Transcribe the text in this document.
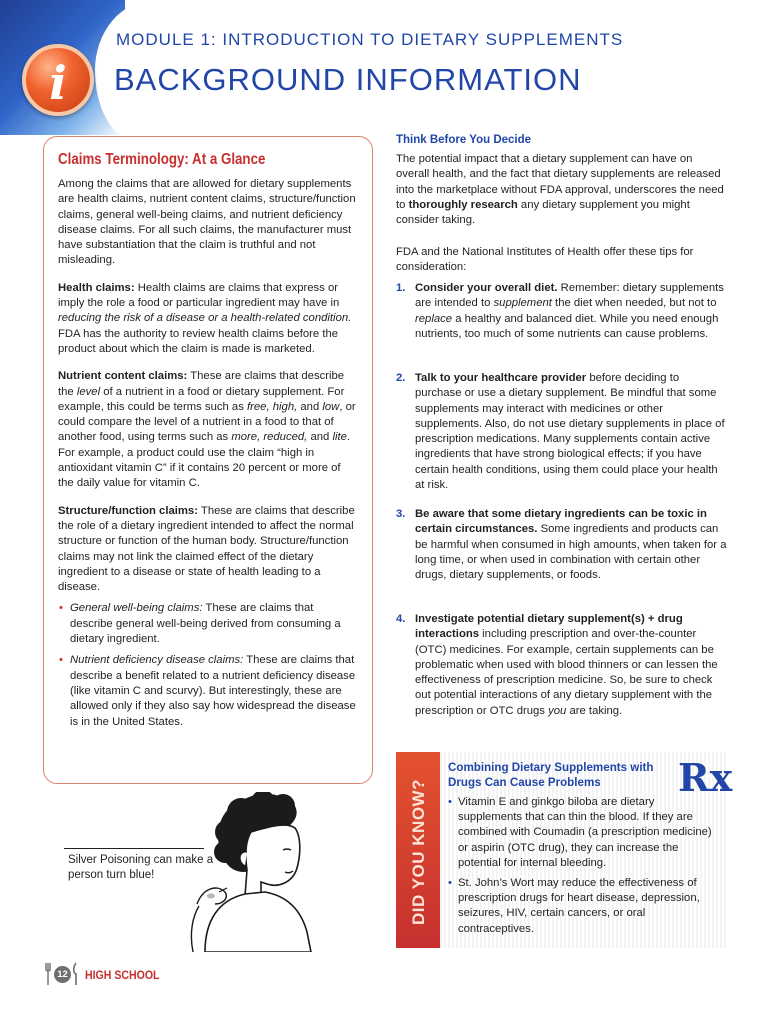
i
MODULE 1: INTRODUCTION TO DIETARY SUPPLEMENTS
BACKGROUND INFORMATION
Claims Terminology: At a Glance

Among the claims that are allowed for dietary supplements are health claims, nutrient content claims, structure/function claims, general well-being claims, and nutrient deficiency disease claims. For all such claims, the manufacturer must have substantiation that the claim is truthful and not misleading.

Health claims: Health claims are claims that express or imply the role a food or particular ingredient may have in reducing the risk of a disease or a health-related condition. FDA has the authority to review health claims before the product about which the claim is made is marketed.

Nutrient content claims: These are claims that describe the level of a nutrient in a food or dietary supplement. For example, this could be terms such as free, high, and low, or could compare the level of a nutrient in a food to that of another food, using terms such as more, reduced, and lite. For example, a product could use the claim “high in antioxidant vitamin C” if it contains 20 percent or more of the daily value for vitamin C.

Structure/function claims: These are claims that describe the role of a dietary ingredient intended to affect the normal structure or function of the human body. Structure/function claims may not link the claimed effect of the dietary ingredient to a disease or state of health leading to a disease.

• General well-being claims: These are claims that describe general well-being derived from consuming a dietary ingredient.
• Nutrient deficiency disease claims: These are claims that describe a benefit related to a nutrient deficiency disease (like vitamin C and scurvy). But interestingly, these are allowed only if they also say how widespread the disease is in the United States.
Silver Poisoning can make a person turn blue!
Think Before You Decide

The potential impact that a dietary supplement can have on overall health, and the fact that dietary supplements are released into the marketplace without FDA approval, underscores the need to thoroughly research any dietary supplement you might consider taking.

FDA and the National Institutes of Health offer these tips for consideration:

1. Consider your overall diet. Remember: dietary supplements are intended to supplement the diet when needed, but not to replace a healthy and balanced diet. While you need enough nutrients, too much of some nutrients can cause problems.
2. Talk to your healthcare provider before deciding to purchase or use a dietary supplement. Be mindful that some supplements may interact with medicines or other supplements. Also, do not use dietary supplements in place of prescription medications. Many supplements contain active ingredients that have strong biological effects; if you have certain health conditions, using them could place your health at risk.
3. Be aware that some dietary ingredients can be toxic in certain circumstances. Some ingredients and products can be harmful when consumed in high amounts, when taken for a long time, or when used in combination with certain other drugs, dietary supplements, or foods.
4. Investigate potential dietary supplement(s) + drug interactions including prescription and over-the-counter (OTC) medicines. For example, certain supplements can be problematic when used with blood thinners or can lessen the effectiveness of prescription medicine. So, be sure to check out potential interactions of any dietary supplement with the prescription or OTC drugs you are taking.
DID YOU KNOW?
Combining Dietary Supplements with Drugs Can Cause Problems	Rx
• Vitamin E and ginkgo biloba are dietary supplements that can thin the blood. If they are combined with Coumadin (a prescription medicine) or aspirin (OTC drug), they can increase the potential for internal bleeding.
• St. John’s Wort may reduce the effectiveness of prescription drugs for heart disease, depression, seizures, HIV, certain cancers, or oral contraceptives.
12 HIGH SCHOOL
